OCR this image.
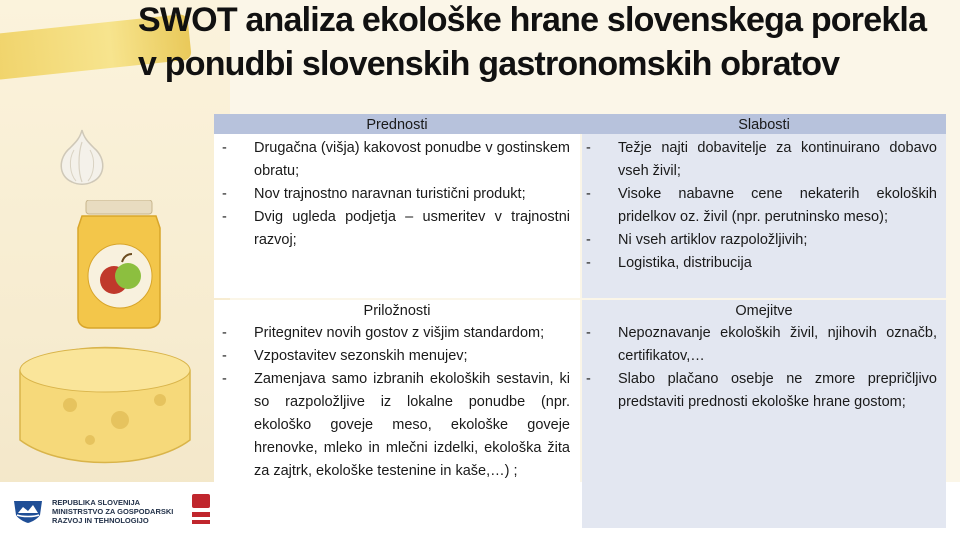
REPUBLIKA SLOVENIJA
MINISTRSTVO ZA GOSPODARSKI
RAZVOJ IN TEHNOLOGIJO
SWOT analiza ekološke hrane slovenskega porekla v ponudbi slovenskih gastronomskih obratov
Prednosti	Slabosti
- Drugačna (višja) kakovost ponudbe v gostinskem obratu;
- Nov trajnostno naravnan turistični produkt;
- Dvig ugleda podjetja – usmeritev v trajnostni razvoj;
- Težje najti dobavitelje za kontinuirano dobavo vseh živil;
- Visoke nabavne cene nekaterih ekoloških pridelkov oz. živil (npr. perutninsko meso);
- Ni vseh artiklov razpoložljivih;
- Logistika, distribucija
Priložnosti	Omejitve
- Pritegnitev novih gostov z višjim standardom;
- Vzpostavitev sezonskih menujev;
- Zamenjava samo izbranih ekoloških sestavin, ki so razpoložljive iz lokalne ponudbe (npr. ekološko goveje meso, ekološke goveje hrenovke, mleko in mlečni izdelki, ekološka žita za zajtrk, ekološke testenine in kaše,…) ;
- Nepoznavanje ekoloških živil, njihovih označb, certifikatov,…
- Slabo plačano osebje ne zmore prepričljivo predstaviti prednosti ekološke hrane gostom;
